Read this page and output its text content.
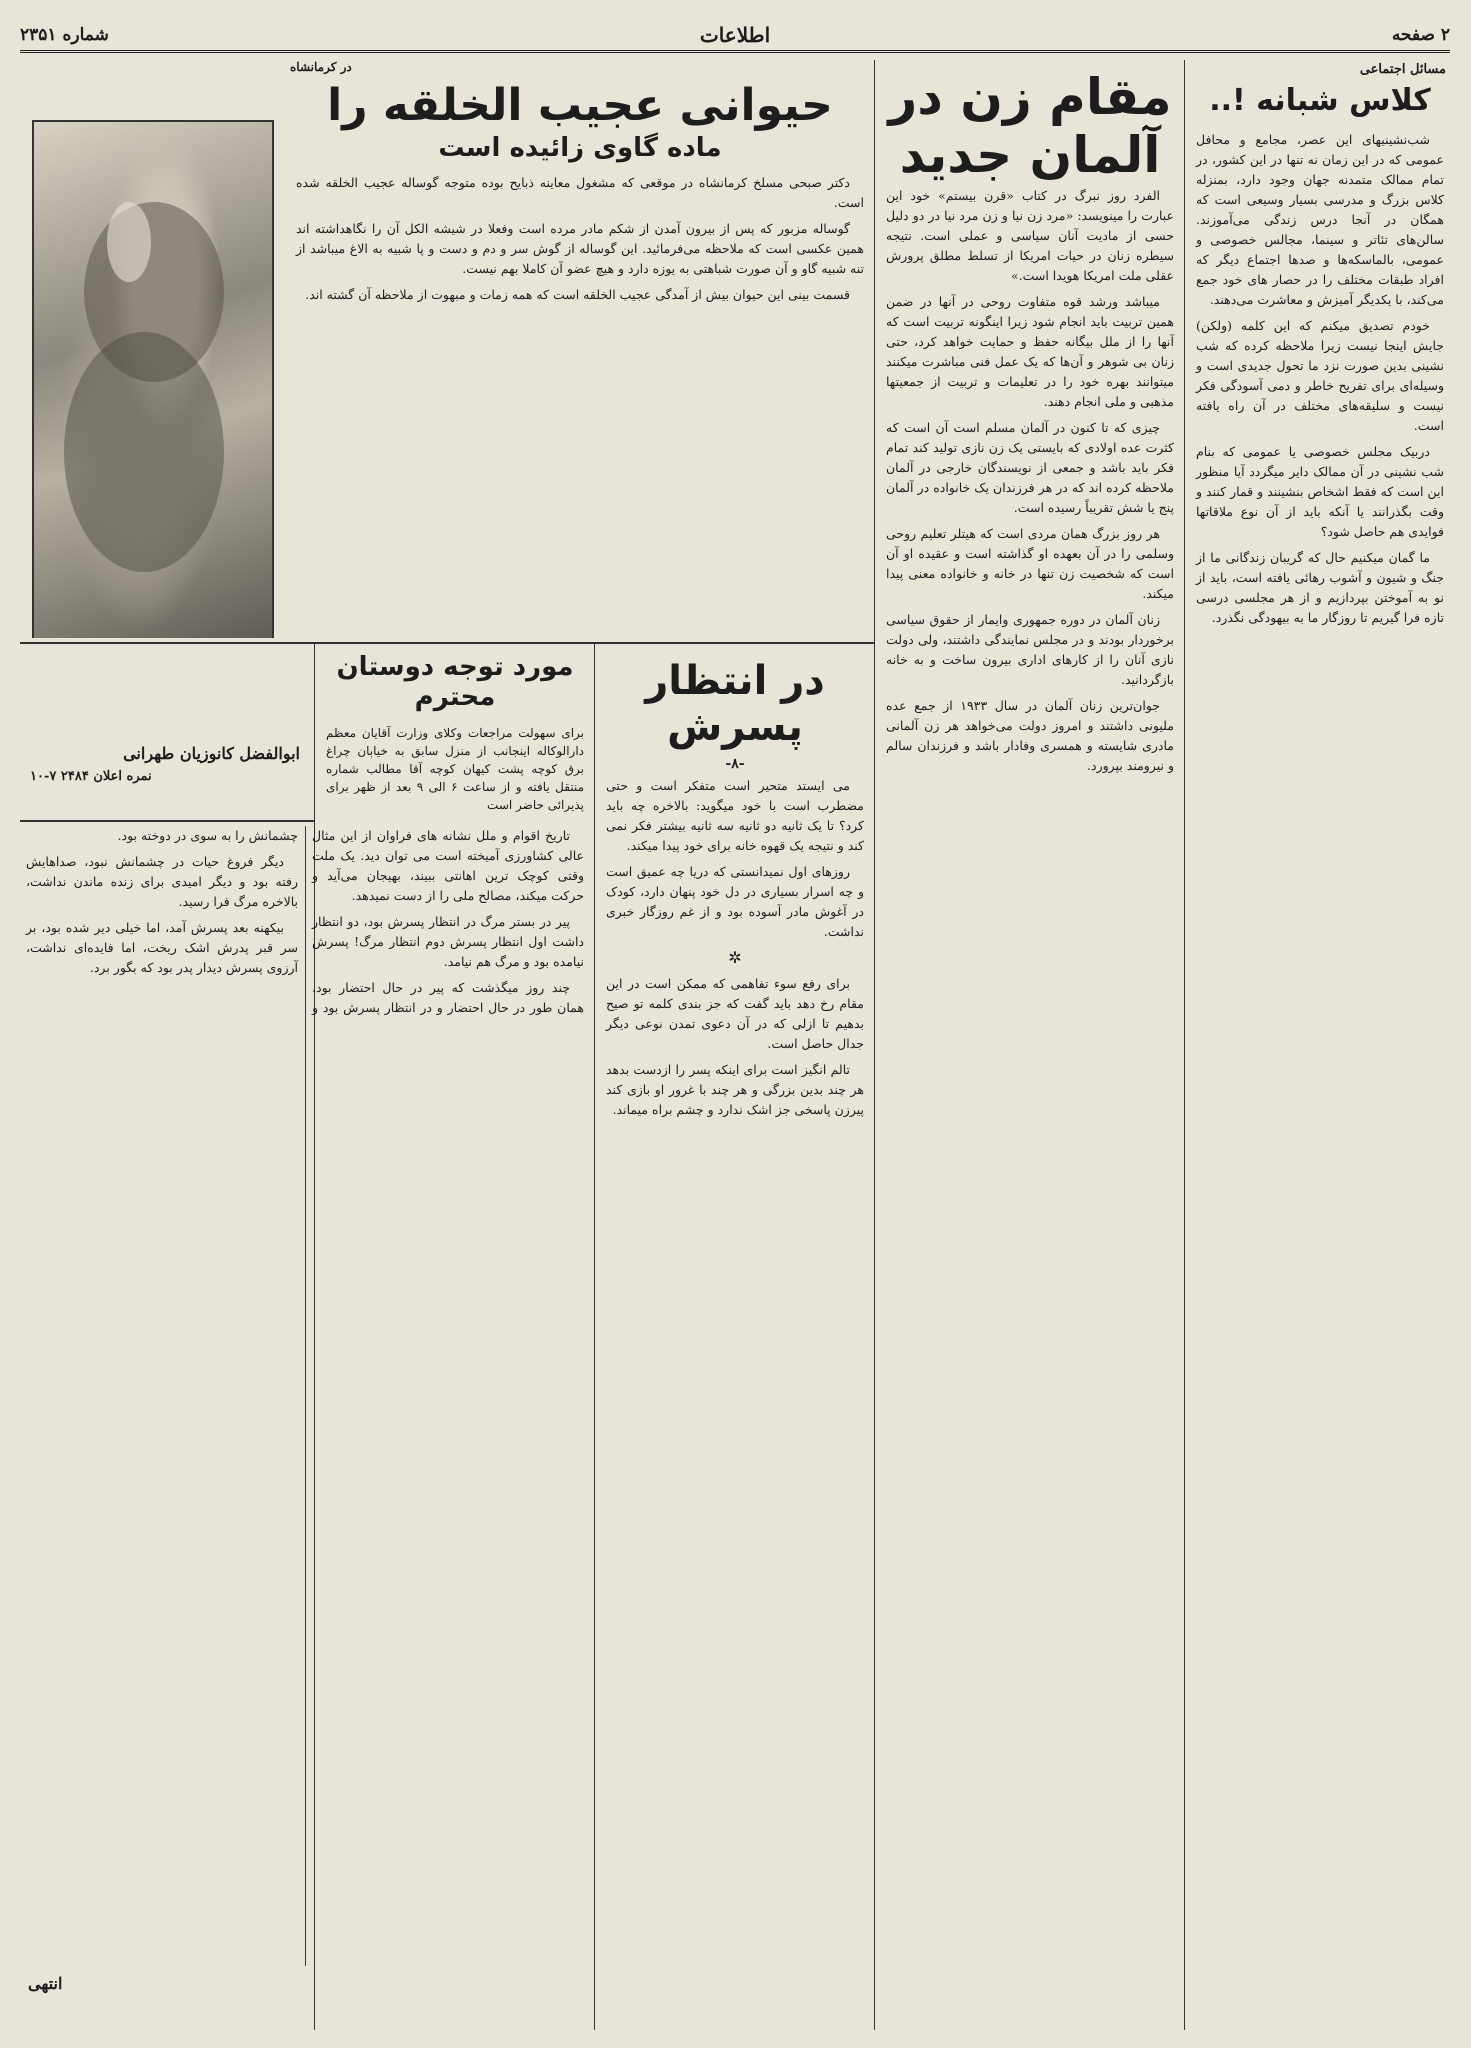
۲ صفحه
اطلاعات
شماره ۲۳۵۱
مسائل اجتماعی
کلاس شبانه !..

شب‌نشینیهای این عصر، مجامع و محافل عمومی که در این زمان نه تنها در این کشور، در تمام ممالک متمدنه جهان وجود دارد، بمنزله کلاس بزرگ و مدرسی بسیار وسیعی است که همگان در آنجا درس زندگی می‌آموزند. سالن‌های تئاتر و سینما، مجالس خصوصی و عمومی، بالماسکه‌ها و صدها اجتماع دیگر که افراد طبقات مختلف را در حصار های خود جمع می‌کند، با یکدیگر آمیزش و معاشرت می‌دهند.

خودم تصدیق میکنم که این کلمه (ولکن) جایش اینجا نیست زیرا ملاحظه کرده که شب نشینی بدین صورت نزد ما تحول جدیدی است و وسیله‌ای برای تفریح خاطر و دمی آسودگی فکر نیست و سلیقه‌های مختلف در آن راه یافته است.

دربیک مجلس خصوصی یا عمومی که بنام شب نشینی در آن ممالک دایر میگردد آیا منظور این است که فقط اشخاص بنشینند و قمار کنند و وقت بگذرانند یا آنکه باید از آن نوع ملاقاتها فوایدی هم حاصل شود؟

ما گمان میکنیم حال که گریبان زندگانی ما از جنگ و شیون و آشوب رهائی یافته است، باید از نو به آموختن بپردازیم و از هر مجلسی درسی تازه فرا گیریم تا روزگار ما به بیهودگی نگذرد.

مقام زن در آلمان جدید

الفرد روز نبرگ در کتاب «قرن بیستم» خود این عبارت را مینویسد: «مرد زن نیا و زن مرد نیا در دو دلیل حسی از مادیت آنان سیاسی و عملی است. نتیجه سیطره زنان در حیات امریکا از تسلط مطلق پرورش عقلی ملت امریکا هویدا است.»

میباشد ورشد قوه متفاوت روحی در آنها در ضمن همین تربیت باید انجام شود زیرا اینگونه تربیت است که آنها را از ملل بیگانه حفظ و حمایت خواهد کرد، حتی زنان بی شوهر و آن‌ها که یک عمل فنی مباشرت میکنند میتوانند بهره خود را در تعلیمات و تربیت از جمعیتها مذهبی و ملی انجام دهند.

چیزی که تا کنون در آلمان مسلم است آن است که کثرت عده اولادی که بایستی یک زن نازی تولید کند تمام فکر باید باشد و جمعی از نویسندگان خارجی در آلمان ملاحظه کرده اند که در هر فرزندان یک خانواده در آلمان پنج یا شش تقریباً رسیده است.

هر روز بزرگ همان مردی است که هیتلر تعلیم روحی وسلمی را در آن بعهده او گذاشته است و عقیده او آن است که شخصیت زن تنها در خانه و خانواده معنی پیدا میکند.

زنان آلمان در دوره جمهوری وایمار از حقوق سیاسی برخوردار بودند و در مجلس نمایندگی داشتند، ولی دولت نازی آنان را از کارهای اداری بیرون ساخت و به خانه بازگردانید.

جوان‌ترین زنان آلمان در سال ۱۹۳۳ از جمع عده ملیونی داشتند و امروز دولت می‌خواهد هر زن آلمانی مادری شایسته و همسری وفادار باشد و فرزندان سالم و نیرومند بپرورد.

در کرمانشاه
حیوانی عجیب الخلقه را
ماده گاوی زائیده است

دکتر صبحی مسلخ کرمانشاه در موقعی که مشغول معاینه ذبایح بوده متوجه گوساله عجیب الخلقه شده است.

گوساله مزبور که پس از بیرون آمدن از شکم مادر مرده است وفعلا در شیشه الکل آن را نگاهداشته اند همین عکسی است که ملاحظه می‌فرمائید. این گوساله از گوش سر و دم و دست و پا شبیه به الاغ میباشد از تنه شبیه گاو و آن صورت شباهتی به یوزه دارد و هیچ عضو آن کاملا بهم نیست.

قسمت بینی این حیوان بیش از آمدگی عجیب الخلقه است که همه زمات و مبهوت از ملاحظه آن گشته اند.

در انتظار پسرش
-۸-

می ایستد متحیر است متفکر است و حتی مضطرب است با خود میگوید: بالاخره چه باید کرد؟ تا یک ثانیه دو ثانیه سه ثانیه بیشتر فکر نمی کند و نتیجه یک قهوه خانه برای خود پیدا میکند.

روزهای اول نمیدانستی که دریا چه عمیق است و چه اسرار بسیاری در دل خود پنهان دارد، کودک در آغوش مادر آسوده بود و از غم روزگار خبری نداشت.

✲

برای رفع سوء تفاهمی که ممکن است در این مقام رخ دهد باید گفت که جز بندی کلمه تو صیح بدهیم تا ازلی که در آن دعوی تمدن نوعی دیگر جدال حاصل است.

تالم انگیز است برای اینکه پسر را ازدست بدهد هر چند بدین بزرگی و هر چند با غرور او بازی کند پیرزن پاسخی جز اشک ندارد و چشم براه میماند.

مورد توجه دوستان محترم
برای سهولت مراجعات وکلای وزارت آقایان معظم دارالوکاله اینجانب از منزل سابق به خیابان چراغ برق کوچه پشت کیهان کوچه آقا مطالب شماره منتقل یافته و از ساعت ۶ الی ۹ بعد از ظهر برای پذیرائی حاضر است
ابوالفضل کانوزیان طهرانی
نمره اعلان ۲۴۸۴ ۷-۱۰

تاریخ اقوام و ملل نشانه های فراوان از این مثال عالی کشاورزی آمیخته است می توان دید. یک ملت وقتی کوچک ترین اهانتی ببیند، بهیجان می‌آید و حرکت میکند، مصالح ملی را از دست نمیدهد.

پیر در بستر مرگ در انتظار پسرش بود، دو انتظار داشت اول انتظار پسرش دوم انتظار مرگ! پسرش نیامده بود و مرگ هم نیامد.

چند روز میگذشت که پیر در حال احتضار بود، همان طور در حال احتضار و در انتظار پسرش بود و چشمانش را به سوی در دوخته بود.

دیگر فروغ حیات در چشمانش نبود، صداهایش رفته بود و دیگر امیدی برای زنده ماندن نداشت، بالاخره مرگ فرا رسید.

بیکهنه بعد پسرش آمد، اما خیلی دیر شده بود، بر سر قبر پدرش اشک ریخت، اما فایده‌ای نداشت، آرزوی پسرش دیدار پدر بود که بگور برد.

انتهی
